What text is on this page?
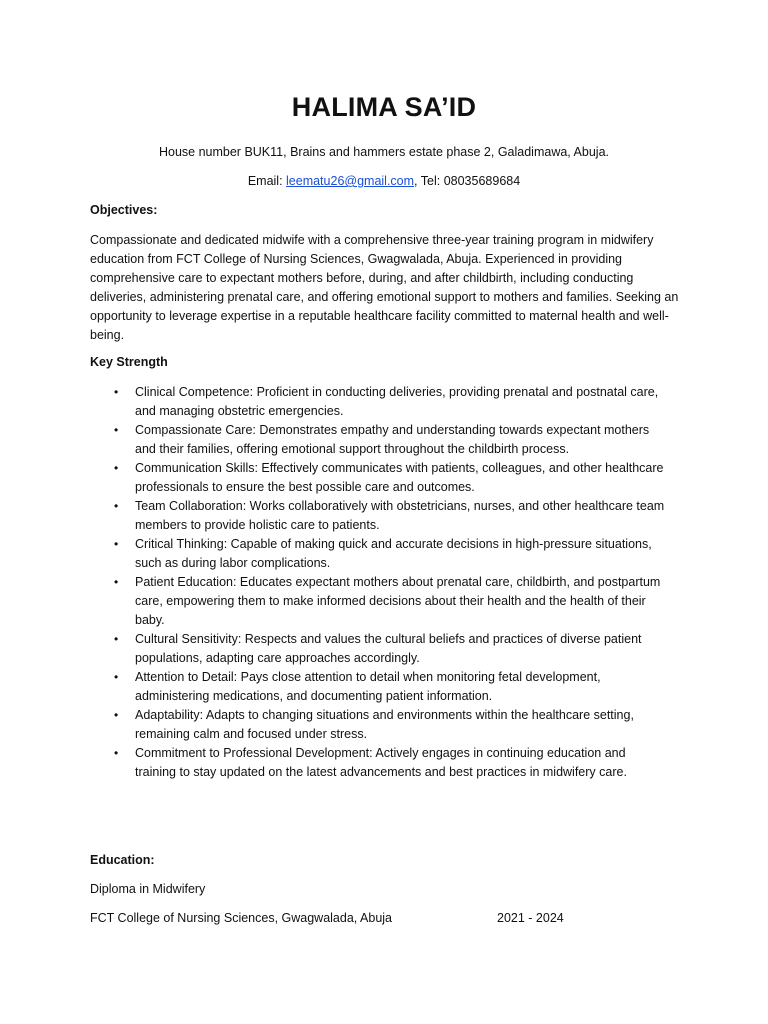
HALIMA SA’ID

House number BUK11, Brains and hammers estate phase 2, Galadimawa, Abuja.

Email: leematu26@gmail.com, Tel: 08035689684

Objectives:

Compassionate and dedicated midwife with a comprehensive three-year training program in midwifery education from FCT College of Nursing Sciences, Gwagwalada, Abuja. Experienced in providing comprehensive care to expectant mothers before, during, and after childbirth, including conducting deliveries, administering prenatal care, and offering emotional support to mothers and families. Seeking an opportunity to leverage expertise in a reputable healthcare facility committed to maternal health and well-being.

Key Strength

• Clinical Competence: Proficient in conducting deliveries, providing prenatal and postnatal care, and managing obstetric emergencies.
• Compassionate Care: Demonstrates empathy and understanding towards expectant mothers and their families, offering emotional support throughout the childbirth process.
• Communication Skills: Effectively communicates with patients, colleagues, and other healthcare professionals to ensure the best possible care and outcomes.
• Team Collaboration: Works collaboratively with obstetricians, nurses, and other healthcare team members to provide holistic care to patients.
• Critical Thinking: Capable of making quick and accurate decisions in high-pressure situations, such as during labor complications.
• Patient Education: Educates expectant mothers about prenatal care, childbirth, and postpartum care, empowering them to make informed decisions about their health and the health of their baby.
• Cultural Sensitivity: Respects and values the cultural beliefs and practices of diverse patient populations, adapting care approaches accordingly.
• Attention to Detail: Pays close attention to detail when monitoring fetal development, administering medications, and documenting patient information.
• Adaptability: Adapts to changing situations and environments within the healthcare setting, remaining calm and focused under stress.
• Commitment to Professional Development: Actively engages in continuing education and training to stay updated on the latest advancements and best practices in midwifery care.

Education:

Diploma in Midwifery

FCT College of Nursing Sciences, Gwagwalada, Abuja	2021 - 2024
